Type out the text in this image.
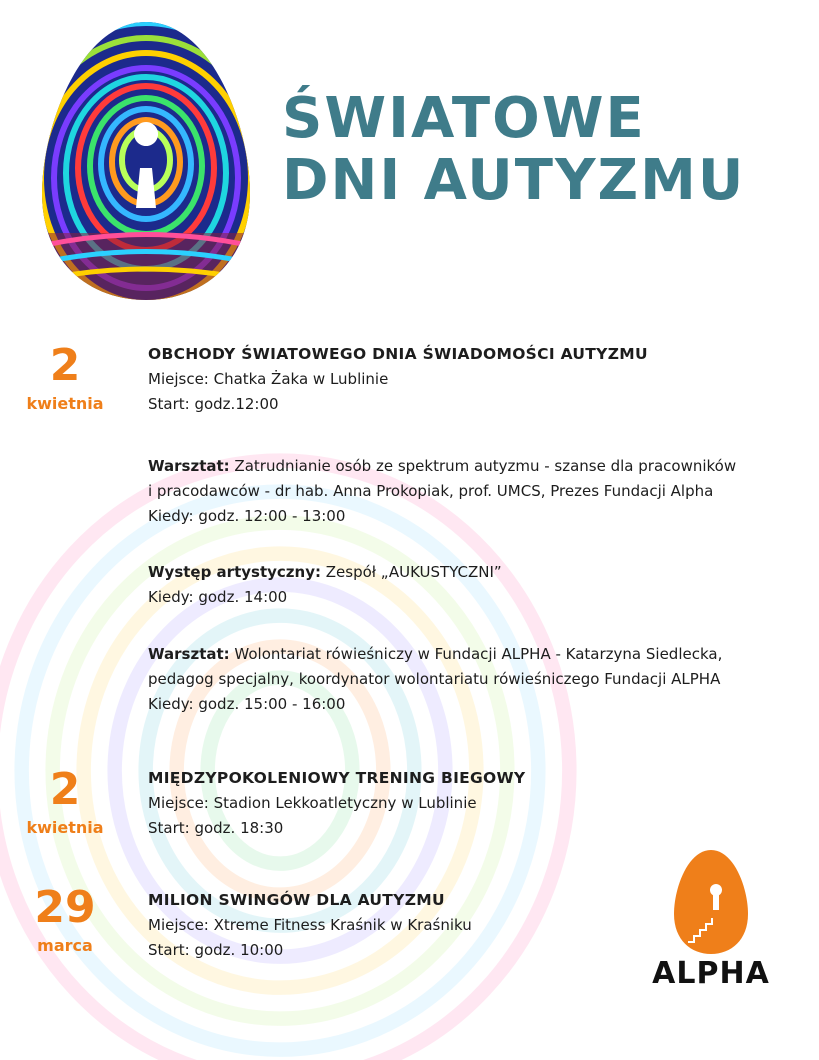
ŚWIATOWE
DNI AUTYZMU
2
kwietnia

OBCHODY ŚWIATOWEGO DNIA ŚWIADOMOŚCI AUTYZMU

Miejsce: Chatka Żaka w Lublinie

Start: godz.12:00

Warsztat: Zatrudnianie osób ze spektrum autyzmu - szanse dla pracowników

i pracodawców - dr hab. Anna Prokopiak, prof. UMCS, Prezes Fundacji Alpha

Kiedy: godz. 12:00 - 13:00

Występ artystyczny: Zespół „AUKUSTYCZNI”

Kiedy: godz. 14:00

Warsztat: Wolontariat rówieśniczy w Fundacji ALPHA - Katarzyna Siedlecka,

pedagog specjalny, koordynator wolontariatu rówieśniczego Fundacji ALPHA

Kiedy: godz. 15:00 - 16:00

2
kwietnia

MIĘDZYPOKOLENIOWY TRENING BIEGOWY

Miejsce: Stadion Lekkoatletyczny w Lublinie

Start: godz. 18:30

29
marca

MILION SWINGÓW DLA AUTYZMU

Miejsce: Xtreme Fitness Kraśnik w Kraśniku

Start: godz. 10:00

ALPHA
